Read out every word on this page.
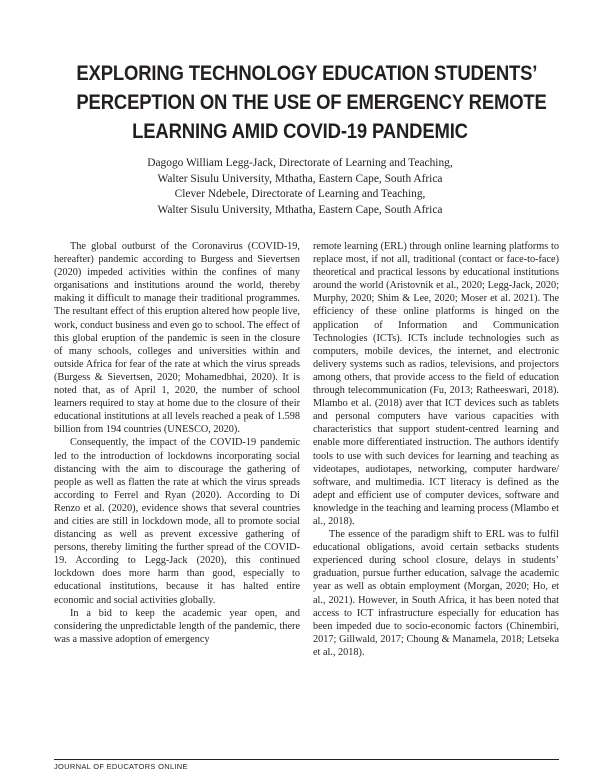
EXPLORING TECHNOLOGY EDUCATION STUDENTS’
PERCEPTION ON THE USE OF EMERGENCY REMOTE
LEARNING AMID COVID-19 PANDEMIC
Dagogo William Legg-Jack, Directorate of Learning and Teaching,
Walter Sisulu University, Mthatha, Eastern Cape, South Africa
Clever Ndebele, Directorate of Learning and Teaching,
Walter Sisulu University, Mthatha, Eastern Cape, South Africa

The global outburst of the Coronavirus (COVID-19, hereafter) pandemic according to Burgess and Sievertsen (2020) impeded activities within the confines of many organisations and institutions around the world, thereby making it difficult to manage their traditional programmes. The resultant effect of this eruption altered how people live, work, conduct business and even go to school. The effect of this global eruption of the pandemic is seen in the closure of many schools, colleges and universities within and outside Africa for fear of the rate at which the virus spreads (Burgess & Sievertsen, 2020; Mohamedbhai, 2020). It is noted that, as of April 1, 2020, the number of school learners required to stay at home due to the closure of their educational institutions at all levels reached a peak of 1.598 billion from 194 countries (UNESCO, 2020).

Consequently, the impact of the COVID-19 pandemic led to the introduction of lockdowns incorporating social distancing with the aim to discourage the gathering of people as well as flatten the rate at which the virus spreads according to Ferrel and Ryan (2020). According to Di Renzo et al. (2020), evidence shows that several countries and cities are still in lockdown mode, all to promote social distancing as well as prevent excessive gathering of persons, thereby limiting the further spread of the COVID-19. According to Legg-Jack (2020), this continued lockdown does more harm than good, especially to educational institutions, because it has halted entire economic and social activities globally.

In a bid to keep the academic year open, and considering the unpredictable length of the pandemic, there was a massive adoption of emergency

remote learning (ERL) through online learning platforms to replace most, if not all, traditional (contact or face-to-face) theoretical and practical lessons by educational institutions around the world (Aristovnik et al., 2020; Legg-Jack, 2020; Murphy, 2020; Shim & Lee, 2020; Moser et al. 2021). The efficiency of these online platforms is hinged on the application of Information and Communication Technologies (ICTs). ICTs include technologies such as computers, mobile devices, the internet, and electronic delivery systems such as radios, televisions, and projectors among others, that provide access to the field of education through telecommunication (Fu, 2013; Ratheeswari, 2018). Mlambo et al. (2018) aver that ICT devices such as tablets and personal computers have various capacities with characteristics that support student-centred learning and enable more differentiated instruction. The authors identify tools to use with such devices for learning and teaching as videotapes, audiotapes, networking, computer hardware/ software, and multimedia. ICT literacy is defined as the adept and efficient use of computer devices, software and knowledge in the teaching and learning process (Mlambo et al., 2018).

The essence of the paradigm shift to ERL was to fulfil educational obligations, avoid certain setbacks students experienced during school closure, delays in students’ graduation, pursue further education, salvage the academic year as well as obtain employment (Morgan, 2020; Ho, et al., 2021). However, in South Africa, it has been noted that access to ICT infrastructure especially for education has been impeded due to socio-economic factors (Chinembiri, 2017; Gillwald, 2017; Choung & Manamela, 2018; Letseka et al., 2018).

JOURNAL OF EDUCATORS ONLINE
